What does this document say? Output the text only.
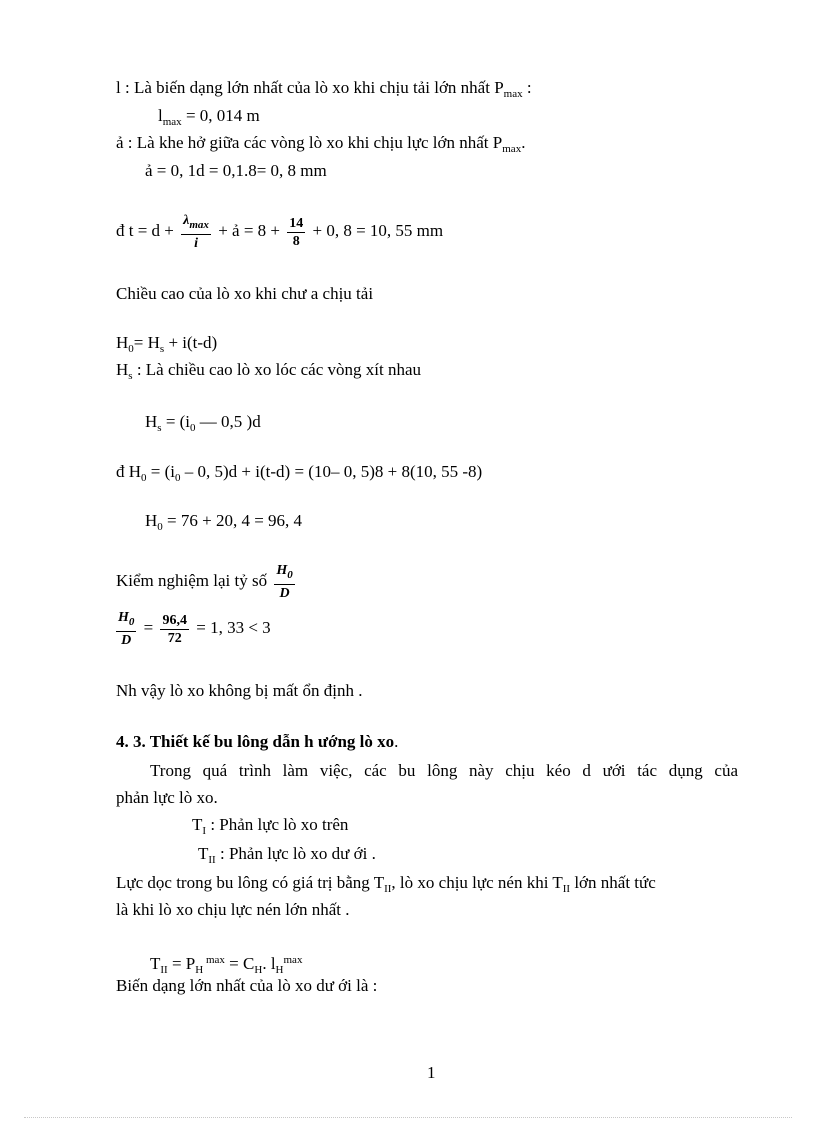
l : Là biến dạng lớn nhất của lò xo khi chịu tải lớn nhất $P_{max}$ :
$l_{max} = 0$, 014 m
ả : Là khe hở giữa các vòng lò xo khi chịu lực lớn nhất $P_{max}$.
ả = 0, 1d = 0,1.8= 0, 8 mm
đ $t = d + \frac{\lambda_{max}}{i}$ + ả = $8 + \frac{14}{8} + 0$, 8 = 10, 55 mm
Chiều cao của lò xo khi chư a chịu tải
$H_0= H_s + i(t-d)$
$H_s$ : Là chiều cao lò xo lóc các vòng xít nhau
$H_s = (i_0$ — 0,5 )d
đ $H_0 = (i_0 - 0$, 5)d + i(t-d) = (10– 0, 5)8 + 8(10, 55 -8)
$H_0 = 76 + 20$, 4 = 96, 4
Kiểm nghiệm lại tỷ số $\frac{H_0}{D}$
$\frac{H_0}{D} = \frac{96,4}{72} = 1$, 33 < 3
Nh vậy lò xo không bị mất ổn định .
4. 3. Thiết kế bu lông dẫn h ướng lò xo.
Trong quá trình làm việc, các bu lông này chịu kéo d ưới tác dụng của
phản lực lò xo.
$T_I$ : Phản lực lò xo trên
$T_{II}$ : Phản lực lò xo dư ới .
Lực dọc trong bu lông có giá trị bằng $T_{II}$, lò xo chịu lực nén khi $T_{II}$ lớn nhất tức
là khi lò xo chịu lực nén lớn nhất .
$T_{II} = P_H$ $^{max} = C_H$. $l_H^{max}$
Biến dạng lớn nhất của lò xo dư ới là :
1
